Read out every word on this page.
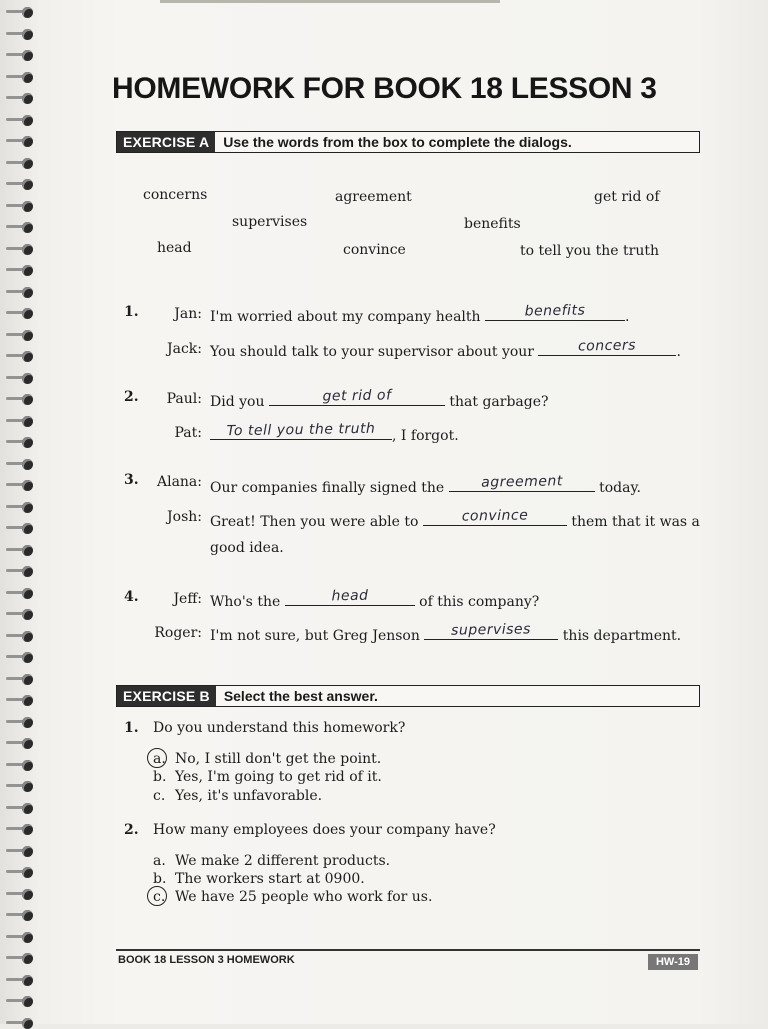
HOMEWORK FOR BOOK 18 LESSON 3
EXERCISE A	Use the words from the box to complete the dialogs.
concerns	agreement	get rid of
supervises	benefits
head	convince	to tell you the truth
1.	Jan: I'm worried about my company health	benefits	.
Jack: You should talk to your supervisor about your	concers	.
2.	Paul: Did you	get rid of	that garbage?
Pat:	To tell you the truth	, I forgot.
3.	Alana: Our companies finally signed the	agreement	today.
Josh: Great! Then you were able to	convince	them that it was a
good idea.
4.	Jeff: Who's the	head	of this company?
Roger: I'm not sure, but Greg Jenson	supervises	this department.
EXERCISE B	Select the best answer.
1. Do you understand this homework?
a. No, I still don't get the point.
b. Yes, I'm going to get rid of it.
c. Yes, it's unfavorable.
2. How many employees does your company have?
a. We make 2 different products.
b. The workers start at 0900.
c. We have 25 people who work for us.
BOOK 18 LESSON 3 HOMEWORK	HW-19
